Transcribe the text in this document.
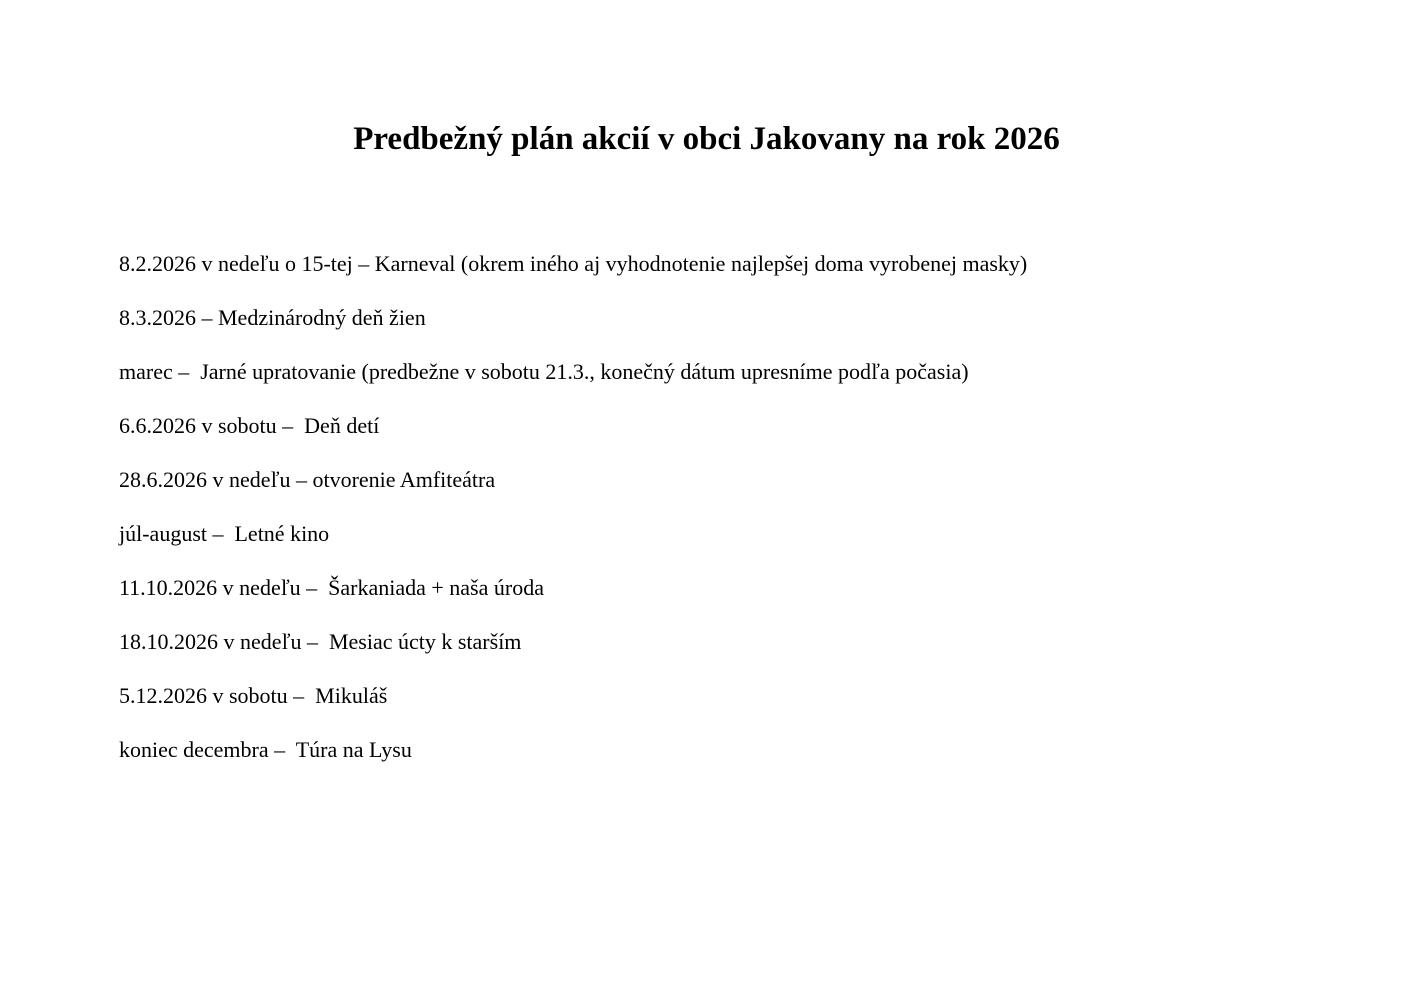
Predbežný plán akcií v obci Jakovany na rok 2026
8.2.2026 v nedeľu o 15-tej – Karneval (okrem iného aj vyhodnotenie najlepšej doma vyrobenej masky)
8.3.2026 – Medzinárodný deň žien
marec –  Jarné upratovanie (predbežne v sobotu 21.3., konečný dátum upresníme podľa počasia)
6.6.2026 v sobotu –  Deň detí
28.6.2026 v nedeľu – otvorenie Amfiteátra
júl-august –  Letné kino
11.10.2026 v nedeľu –  Šarkaniada + naša úroda
18.10.2026 v nedeľu –  Mesiac úcty k starším
5.12.2026 v sobotu –  Mikuláš
koniec decembra –  Túra na Lysu
